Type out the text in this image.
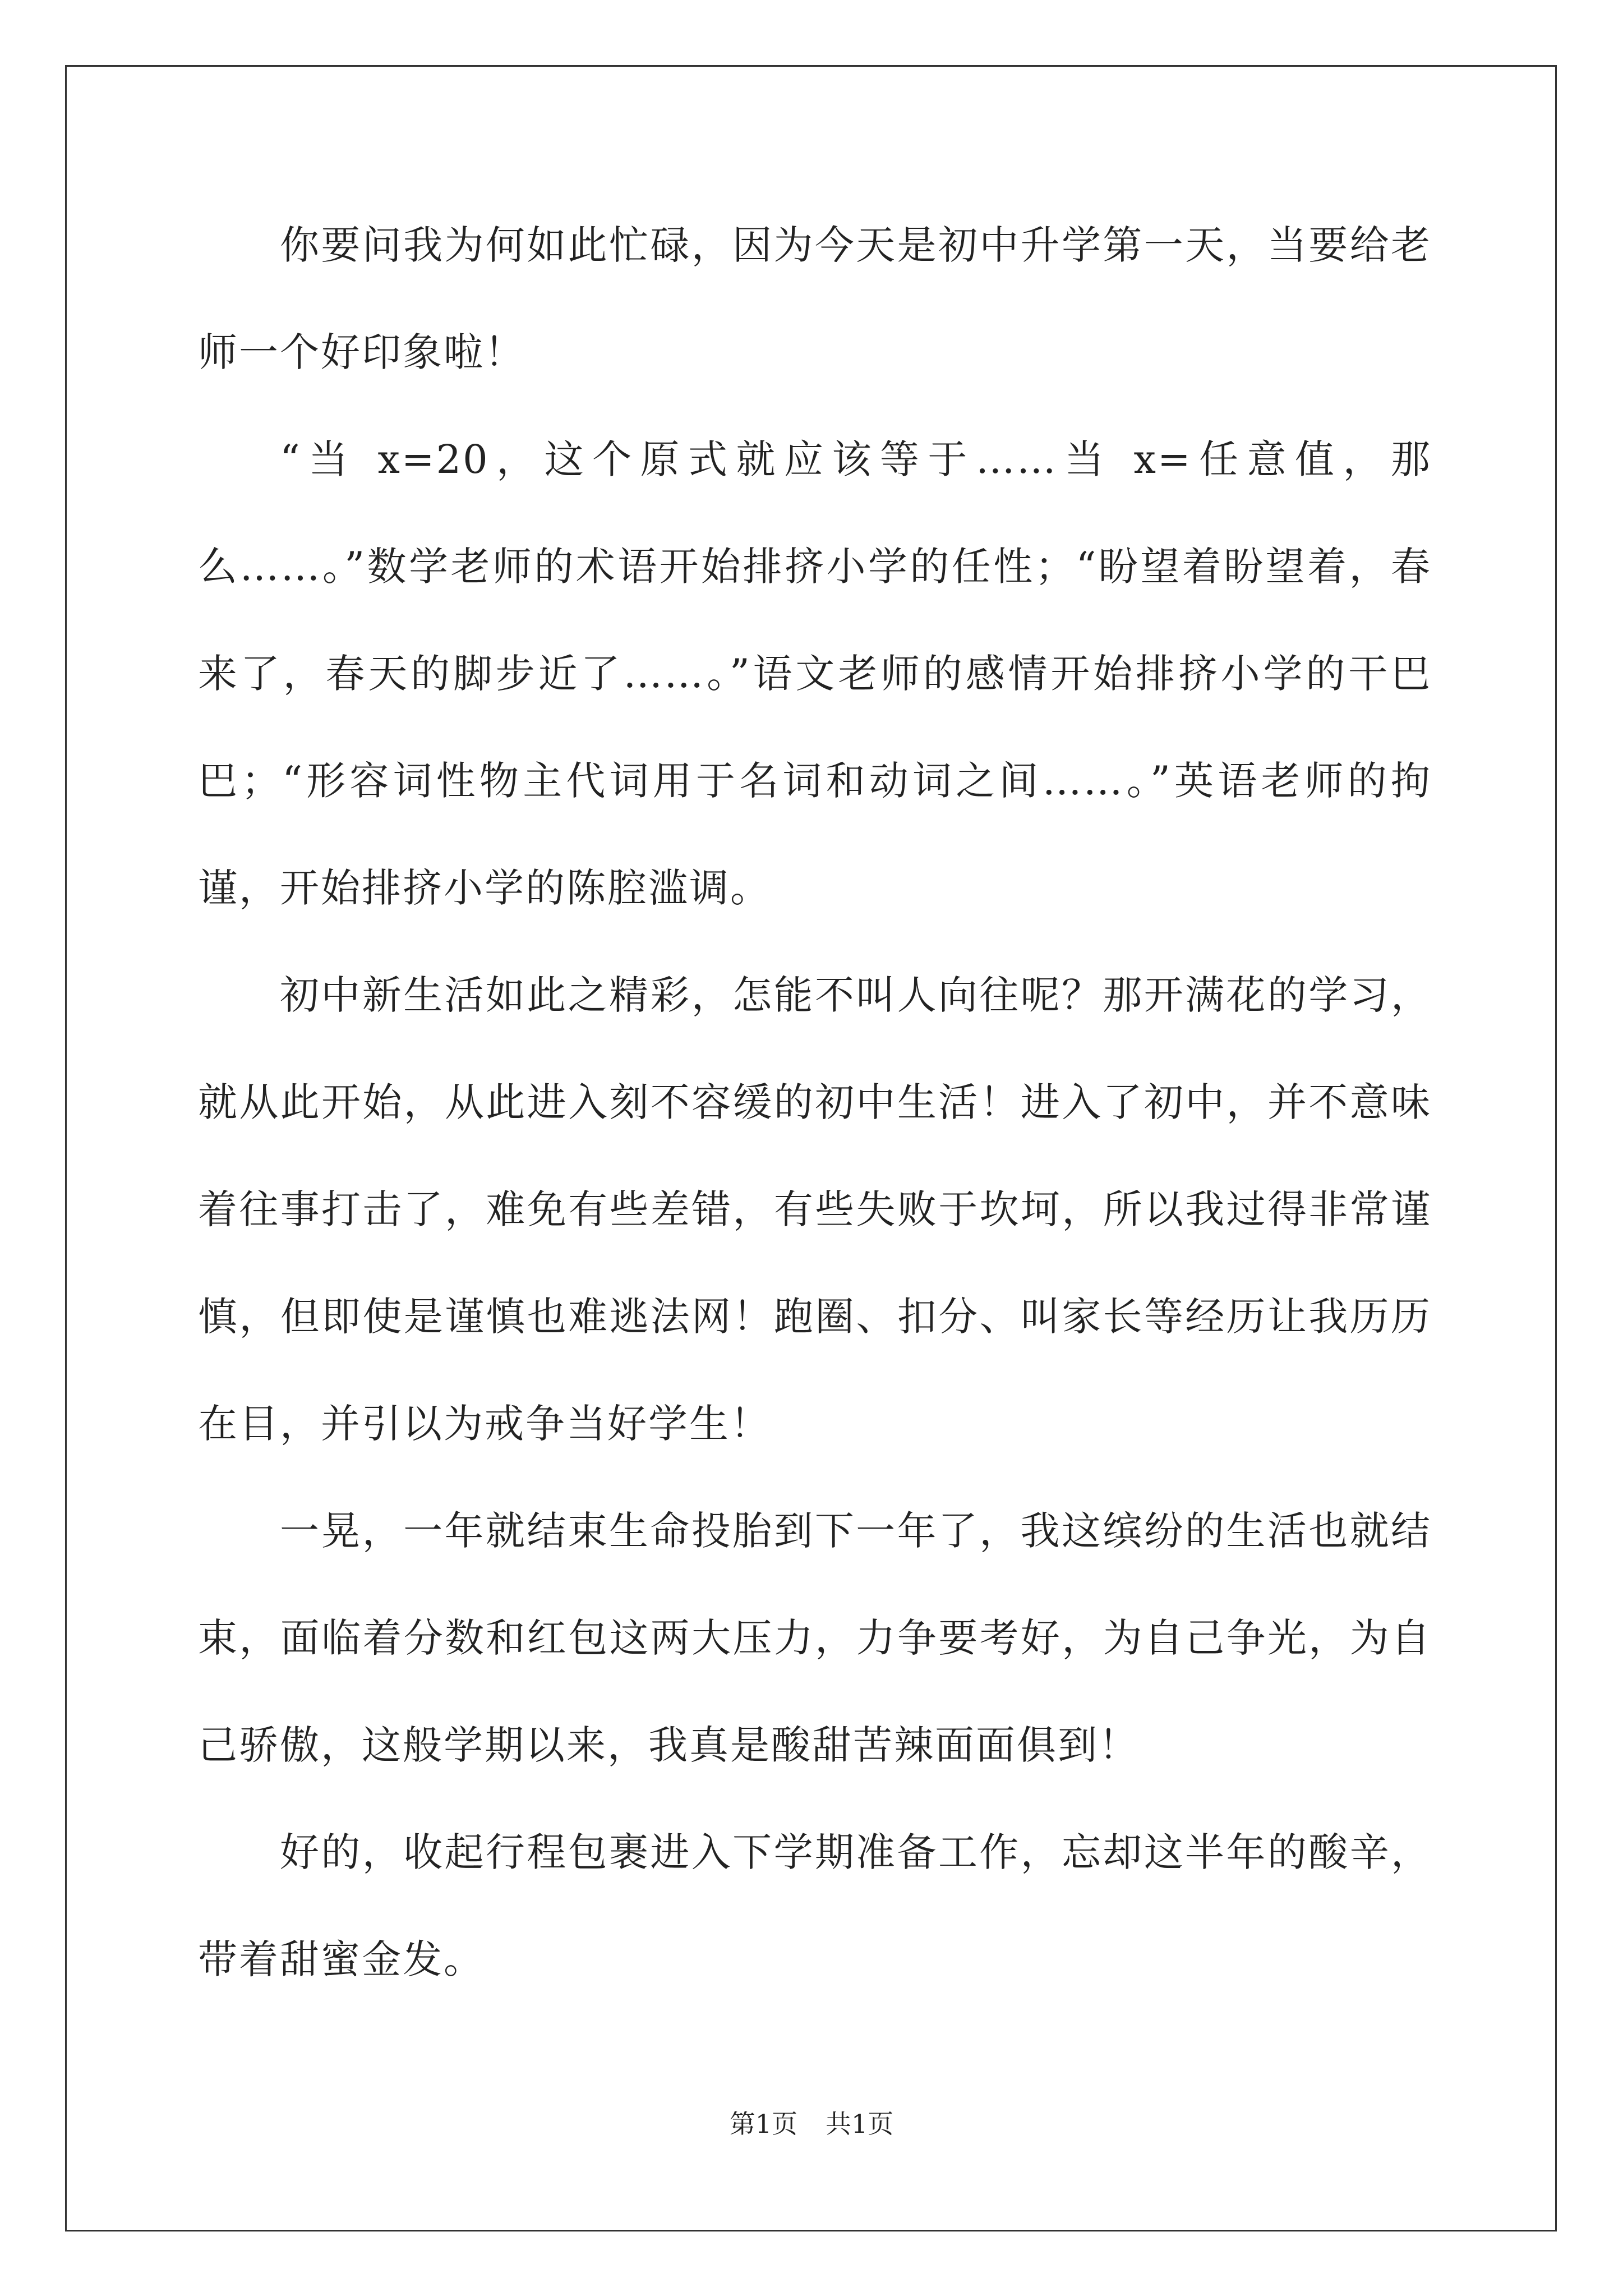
你要问我为何如此忙碌，因为今天是初中升学第一天，当要给老师一个好印象啦！

“当 x=20，这个原式就应该等于……当 x=任意值，那么……。”数学老师的术语开始排挤小学的任性；“盼望着盼望着，春来了，春天的脚步近了……。”语文老师的感情开始排挤小学的干巴巴；“形容词性物主代词用于名词和动词之间……。”英语老师的拘谨，开始排挤小学的陈腔滥调。

初中新生活如此之精彩，怎能不叫人向往呢？那开满花的学习，就从此开始，从此进入刻不容缓的初中生活！进入了初中，并不意味着往事打击了，难免有些差错，有些失败于坎坷，所以我过得非常谨慎，但即使是谨慎也难逃法网！跑圈、扣分、叫家长等经历让我历历在目，并引以为戒争当好学生！

一晃，一年就结束生命投胎到下一年了，我这缤纷的生活也就结束，面临着分数和红包这两大压力，力争要考好，为自己争光，为自己骄傲，这般学期以来，我真是酸甜苦辣面面俱到！

好的，收起行程包裹进入下学期准备工作，忘却这半年的酸辛，带着甜蜜金发。

第1页 共1页
